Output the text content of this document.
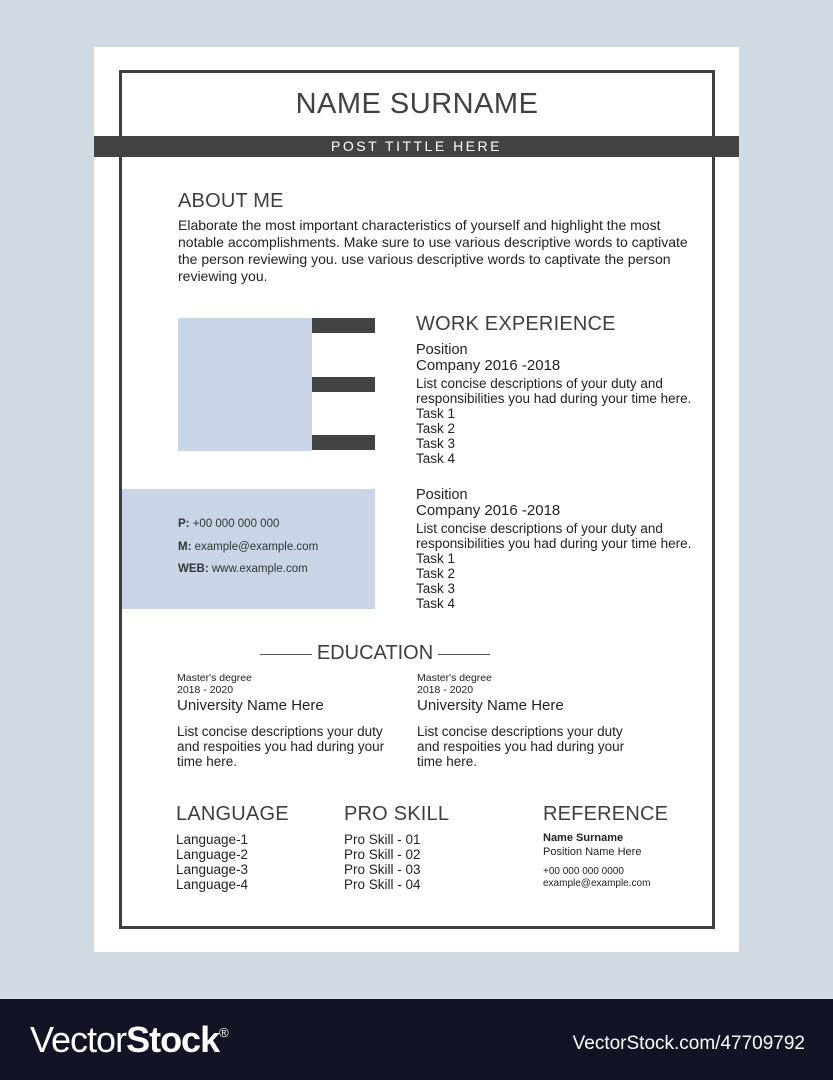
NAME SURNAME
POST TITTLE HERE
ABOUT ME
Elaborate the most important characteristics of yourself and highlight the most notable accomplishments. Make sure to use various descriptive words to captivate the person reviewing you. use various descriptive words to captivate the person reviewing you.
P: +00 000 000 000
M: example@example.com
WEB: www.example.com
WORK EXPERIENCE
Position
Company 2016 -2018
List concise descriptions of your duty and responsibilities you had during your time here.
Task 1
Task 2
Task 3
Task 4
Position
Company 2016 -2018
List concise descriptions of your duty and responsibilities you had during your time here.
Task 1
Task 2
Task 3
Task 4
EDUCATION
Master's degree
2018 - 2020
University Name Here
List concise descriptions your duty and respoities you had during your time here.
Master's degree
2018 - 2020
University Name Here
List concise descriptions your duty and respoities you had during your time here.
LANGUAGE
Language-1
Language-2
Language-3
Language-4
PRO SKILL
Pro Skill - 01
Pro Skill - 02
Pro Skill - 03
Pro Skill - 04
REFERENCE
Name Surname
Position Name Here
+00 000 000 0000
example@example.com
VectorStock®
VectorStock.com/47709792
